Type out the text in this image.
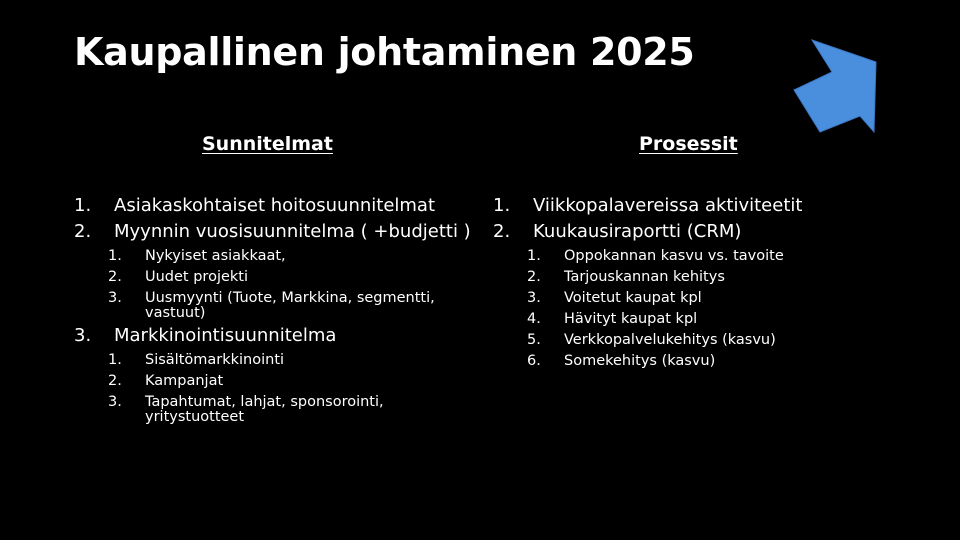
Kaupallinen johtaminen 2025
Sunnitelmat	Prosessit
1.	Asiakaskohtaiset hoitosuunnitelmat
2.	Myynnin vuosisuunnitelma ( +budjetti )
1.	Nykyiset asiakkaat,
2.	Uudet projekti
3.	Uusmyynti (Tuote, Markkina, segmentti, vastuut)
3.	Markkinointisuunnitelma
1.	Sisältömarkkinointi
2.	Kampanjat
3.	Tapahtumat, lahjat, sponsorointi, yritystuotteet
1.	Viikkopalavereissa aktiviteetit
2.	Kuukausiraportti (CRM)
1.	Oppokannan kasvu vs. tavoite
2.	Tarjouskannan kehitys
3.	Voitetut kaupat kpl
4.	Hävityt kaupat kpl
5.	Verkkopalvelukehitys (kasvu)
6.	Somekehitys (kasvu)
